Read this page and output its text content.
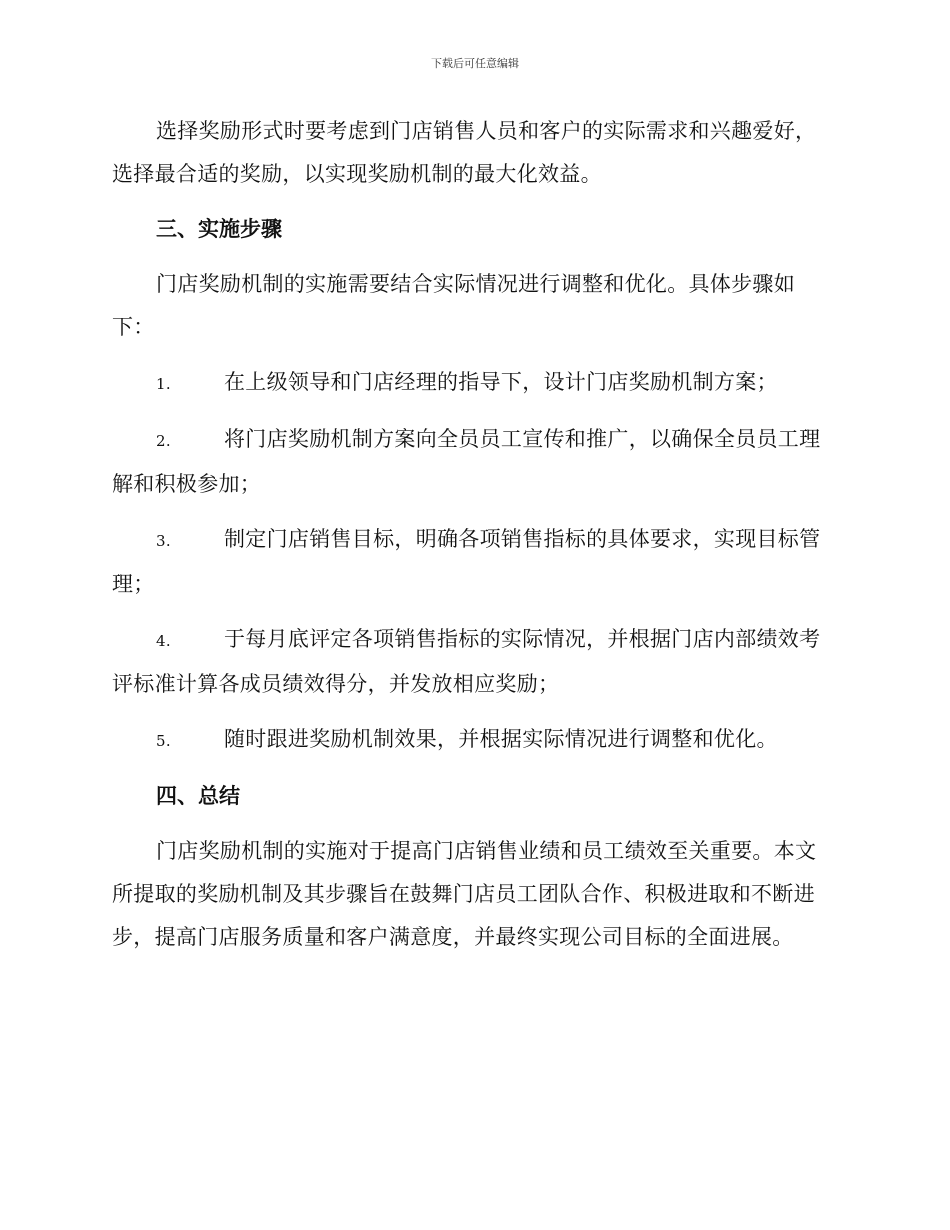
下载后可任意编辑

选择奖励形式时要考虑到门店销售人员和客户的实际需求和兴趣爱好，选择最合适的奖励，以实现奖励机制的最大化效益。

三、实施步骤

门店奖励机制的实施需要结合实际情况进行调整和优化。具体步骤如下：

1.	在上级领导和门店经理的指导下，设计门店奖励机制方案；

2.	将门店奖励机制方案向全员员工宣传和推广，以确保全员员工理解和积极参加；

3.	制定门店销售目标，明确各项销售指标的具体要求，实现目标管理；

4.	于每月底评定各项销售指标的实际情况，并根据门店内部绩效考评标准计算各成员绩效得分，并发放相应奖励；

5.	随时跟进奖励机制效果，并根据实际情况进行调整和优化。

四、总结

门店奖励机制的实施对于提高门店销售业绩和员工绩效至关重要。本文所提取的奖励机制及其步骤旨在鼓舞门店员工团队合作、积极进取和不断进步，提高门店服务质量和客户满意度，并最终实现公司目标的全面进展。
